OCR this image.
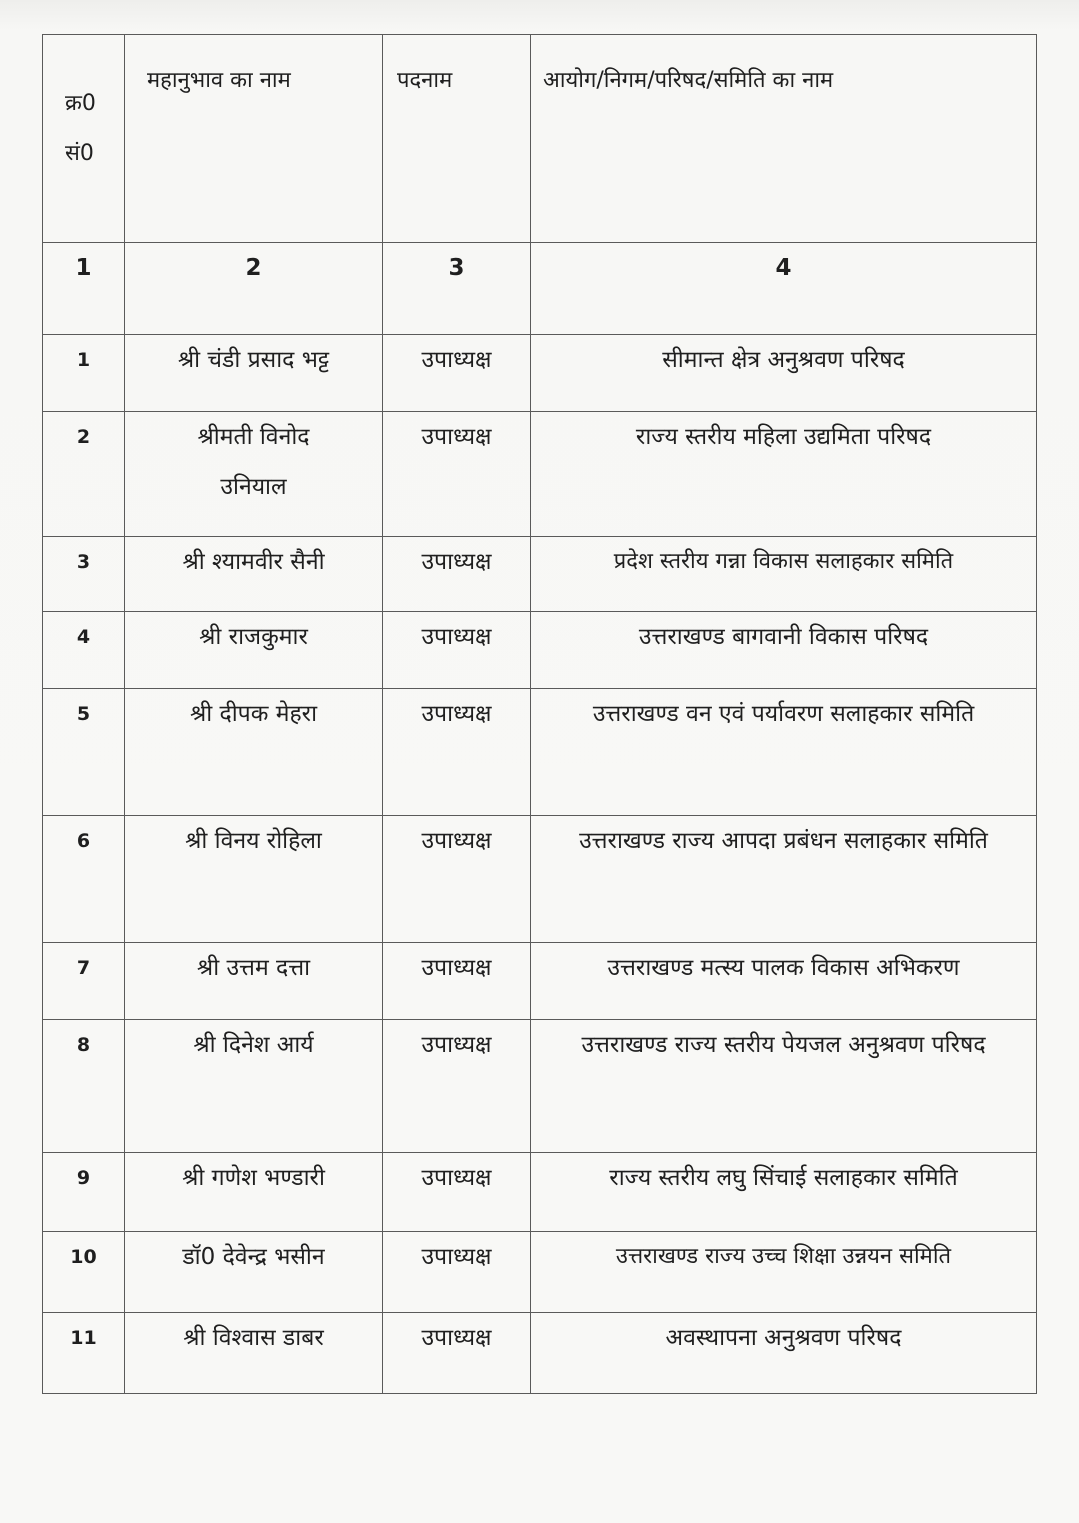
क्र0 सं0	महानुभाव का नाम	पदनाम	आयोग/निगम/परिषद/समिति का नाम
1	2	3	4
1	श्री चंडी प्रसाद भट्ट	उपाध्यक्ष	सीमान्त क्षेत्र अनुश्रवण परिषद
2	श्रीमती विनोद उनियाल	उपाध्यक्ष	राज्य स्तरीय महिला उद्यमिता परिषद
3	श्री श्यामवीर सैनी	उपाध्यक्ष	प्रदेश स्तरीय गन्ना विकास सलाहकार समिति
4	श्री राजकुमार	उपाध्यक्ष	उत्तराखण्ड बागवानी विकास परिषद
5	श्री दीपक मेहरा	उपाध्यक्ष	उत्तराखण्ड वन एवं पर्यावरण सलाहकार समिति
6	श्री विनय रोहिला	उपाध्यक्ष	उत्तराखण्ड राज्य आपदा प्रबंधन सलाहकार समिति
7	श्री उत्तम दत्ता	उपाध्यक्ष	उत्तराखण्ड मत्स्य पालक विकास अभिकरण
8	श्री दिनेश आर्य	उपाध्यक्ष	उत्तराखण्ड राज्य स्तरीय पेयजल अनुश्रवण परिषद
9	श्री गणेश भण्डारी	उपाध्यक्ष	राज्य स्तरीय लघु सिंचाई सलाहकार समिति
10	डॉ0 देवेन्द्र भसीन	उपाध्यक्ष	उत्तराखण्ड राज्य उच्च शिक्षा उन्नयन समिति
11	श्री विश्वास डाबर	उपाध्यक्ष	अवस्थापना अनुश्रवण परिषद
